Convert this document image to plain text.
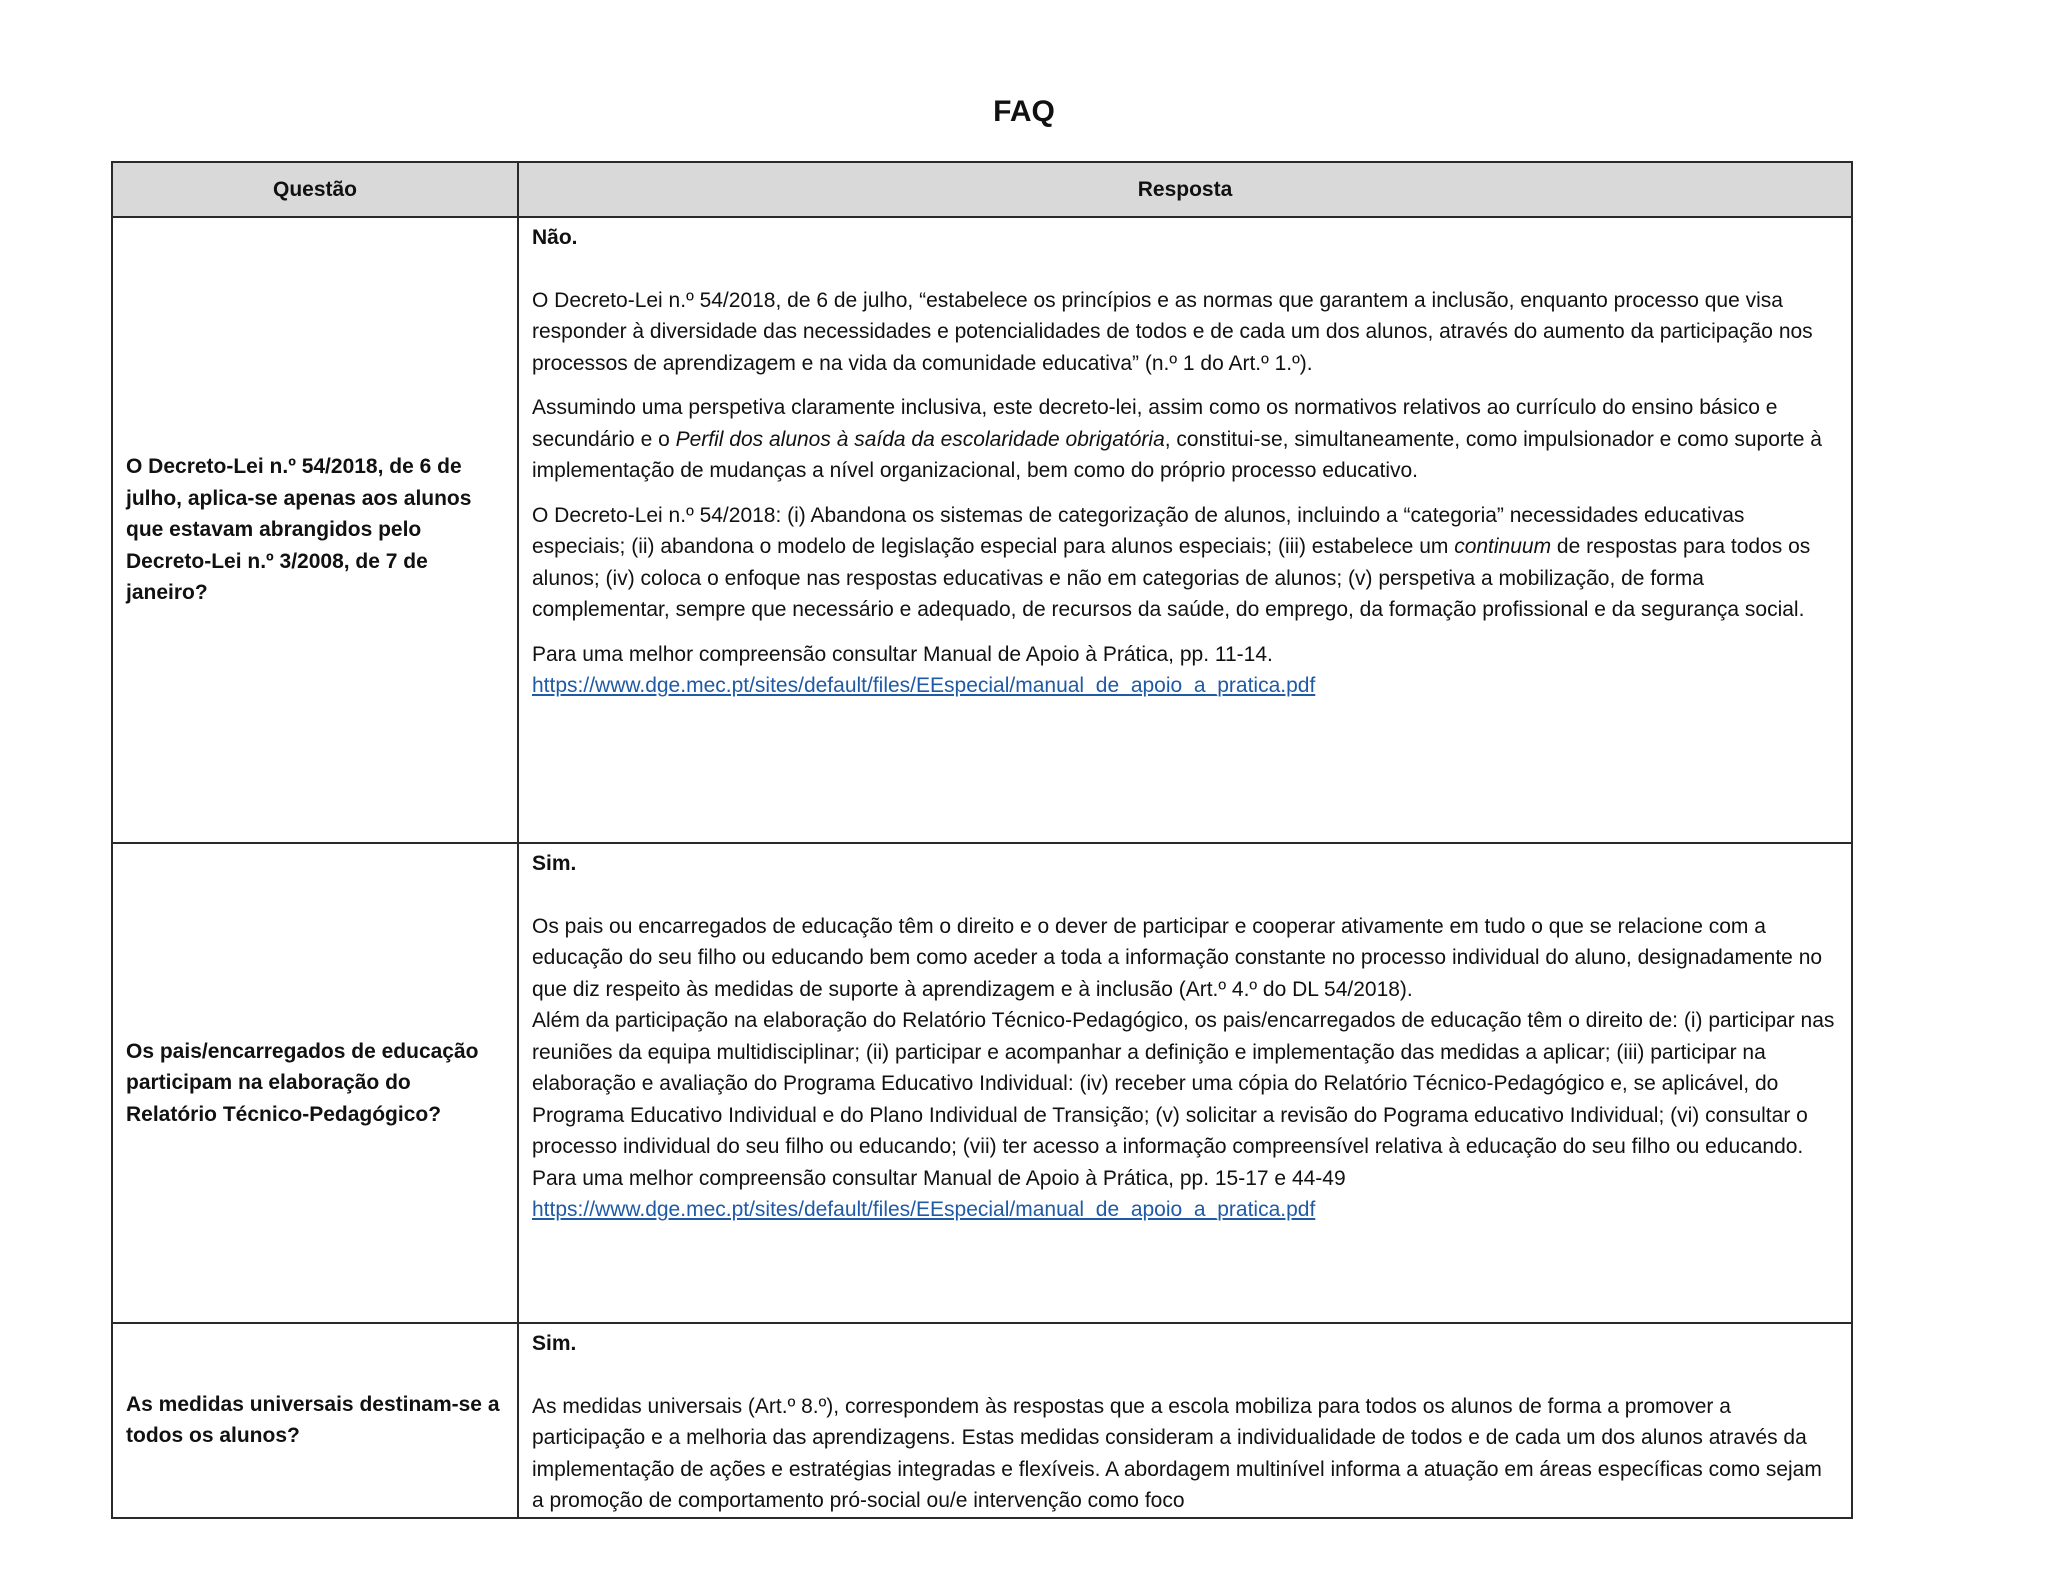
FAQ
Questão	Resposta
O Decreto-Lei n.º 54/2018, de 6 de julho, aplica-se apenas aos alunos que estavam abrangidos pelo Decreto-Lei n.º 3/2008, de 7 de janeiro?	Não.

O Decreto-Lei n.º 54/2018, de 6 de julho, “estabelece os princípios e as normas que garantem a inclusão, enquanto processo que visa responder à diversidade das necessidades e potencialidades de todos e de cada um dos alunos, através do aumento da participação nos processos de aprendizagem e na vida da comunidade educativa” (n.º 1 do Art.º 1.º).

Assumindo uma perspetiva claramente inclusiva, este decreto-lei, assim como os normativos relativos ao currículo do ensino básico e secundário e o Perfil dos alunos à saída da escolaridade obrigatória, constitui-se, simultaneamente, como impulsionador e como suporte à implementação de mudanças a nível organizacional, bem como do próprio processo educativo.

O Decreto-Lei n.º 54/2018: (i) Abandona os sistemas de categorização de alunos, incluindo a “categoria” necessidades educativas especiais; (ii) abandona o modelo de legislação especial para alunos especiais; (iii) estabelece um continuum de respostas para todos os alunos; (iv) coloca o enfoque nas respostas educativas e não em categorias de alunos; (v) perspetiva a mobilização, de forma complementar, sempre que necessário e adequado, de recursos da saúde, do emprego, da formação profissional e da segurança social.

Para uma melhor compreensão consultar Manual de Apoio à Prática, pp. 11-14. https://www.dge.mec.pt/sites/default/files/EEspecial/manual_de_apoio_a_pratica.pdf

Os pais/encarregados de educação participam na elaboração do Relatório Técnico-Pedagógico?	Sim.

Os pais ou encarregados de educação têm o direito e o dever de participar e cooperar ativamente em tudo o que se relacione com a educação do seu filho ou educando bem como aceder a toda a informação constante no processo individual do aluno, designadamente no que diz respeito às medidas de suporte à aprendizagem e à inclusão (Art.º 4.º do DL 54/2018).

Além da participação na elaboração do Relatório Técnico-Pedagógico, os pais/encarregados de educação têm o direito de: (i) participar nas reuniões da equipa multidisciplinar; (ii) participar e acompanhar a definição e implementação das medidas a aplicar; (iii) participar na elaboração e avaliação do Programa Educativo Individual: (iv) receber uma cópia do Relatório Técnico-Pedagógico e, se aplicável, do Programa Educativo Individual e do Plano Individual de Transição; (v) solicitar a revisão do Pograma educativo Individual; (vi) consultar o processo individual do seu filho ou educando; (vii) ter acesso a informação compreensível relativa à educação do seu filho ou educando.

Para uma melhor compreensão consultar Manual de Apoio à Prática, pp. 15-17 e 44-49

https://www.dge.mec.pt/sites/default/files/EEspecial/manual_de_apoio_a_pratica.pdf

As medidas universais destinam-se a todos os alunos?	Sim.

As medidas universais (Art.º 8.º), correspondem às respostas que a escola mobiliza para todos os alunos de forma a promover a participação e a melhoria das aprendizagens. Estas medidas consideram a individualidade de todos e de cada um dos alunos através da implementação de ações e estratégias integradas e flexíveis. A abordagem multinível informa a atuação em áreas específicas como sejam a promoção de comportamento pró-social ou/e intervenção como foco
